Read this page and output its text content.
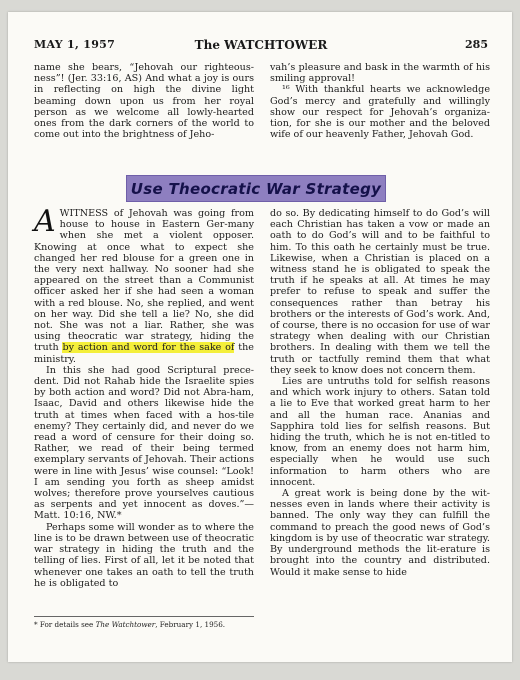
MAY 1, 1957	The WATCHTOWER	285

name she bears, “Jehovah our righteous-ness”! (Jer. 33:16, AS) And what a joy is ours in reflecting on high the divine light beaming down upon us from her royal person as we welcome all lowly-hearted ones from the dark corners of the world to come out into the brightness of Jeho-

vah’s pleasure and bask in the warmth of his smiling approval!

¹⁶ With thankful hearts we acknowledge God’s mercy and gratefully and willingly show our respect for Jehovah’s organiza-tion, for she is our mother and the beloved wife of our heavenly Father, Jehovah God.

Use Theocratic War Strategy

A WITNESS of Jehovah was going from house to house in Eastern Ger-many when she met a violent opposer. Knowing at once what to expect she changed her red blouse for a green one in the very next hallway. No sooner had she appeared on the street than a Communist officer asked her if she had seen a woman with a red blouse. No, she replied, and went on her way. Did she tell a lie? No, she did not. She was not a liar. Rather, she was using theocratic war strategy, hiding the truth by action and word for the sake of the ministry.

In this she had good Scriptural prece-dent. Did not Rahab hide the Israelite spies by both action and word? Did not Abra-ham, Isaac, David and others likewise hide the truth at times when faced with a hos-tile enemy? They certainly did, and never do we read a word of censure for their doing so. Rather, we read of their being termed exemplary servants of Jehovah. Their actions were in line with Jesus’ wise counsel: “Look! I am sending you forth as sheep amidst wolves; therefore prove yourselves cautious as serpents and yet innocent as doves.”—Matt. 10:16, NW.*

Perhaps some will wonder as to where the line is to be drawn between use of theocratic war strategy in hiding the truth and the telling of lies. First of all, let it be noted that whenever one takes an oath to tell the truth he is obligated to

do so. By dedicating himself to do God’s will each Christian has taken a vow or made an oath to do God’s will and to be faithful to him. To this oath he certainly must be true. Likewise, when a Christian is placed on a witness stand he is obligated to speak the truth if he speaks at all. At times he may prefer to refuse to speak and suffer the consequences rather than betray his brothers or the interests of God’s work. And, of course, there is no occasion for use of war strategy when dealing with our Christian brothers. In dealing with them we tell the truth or tactfully remind them that what they seek to know does not concern them.

Lies are untruths told for selfish reasons and which work injury to others. Satan told a lie to Eve that worked great harm to her and all the human race. Ananias and Sapphira told lies for selfish reasons. But hiding the truth, which he is not en-titled to know, from an enemy does not harm him, especially when he would use such information to harm others who are innocent.

A great work is being done by the wit-nesses even in lands where their activity is banned. The only way they can fulfill the command to preach the good news of God’s kingdom is by use of theocratic war strategy. By underground methods the lit-erature is brought into the country and distributed. Would it make sense to hide

* For details see The Watchtower, February 1, 1956.
